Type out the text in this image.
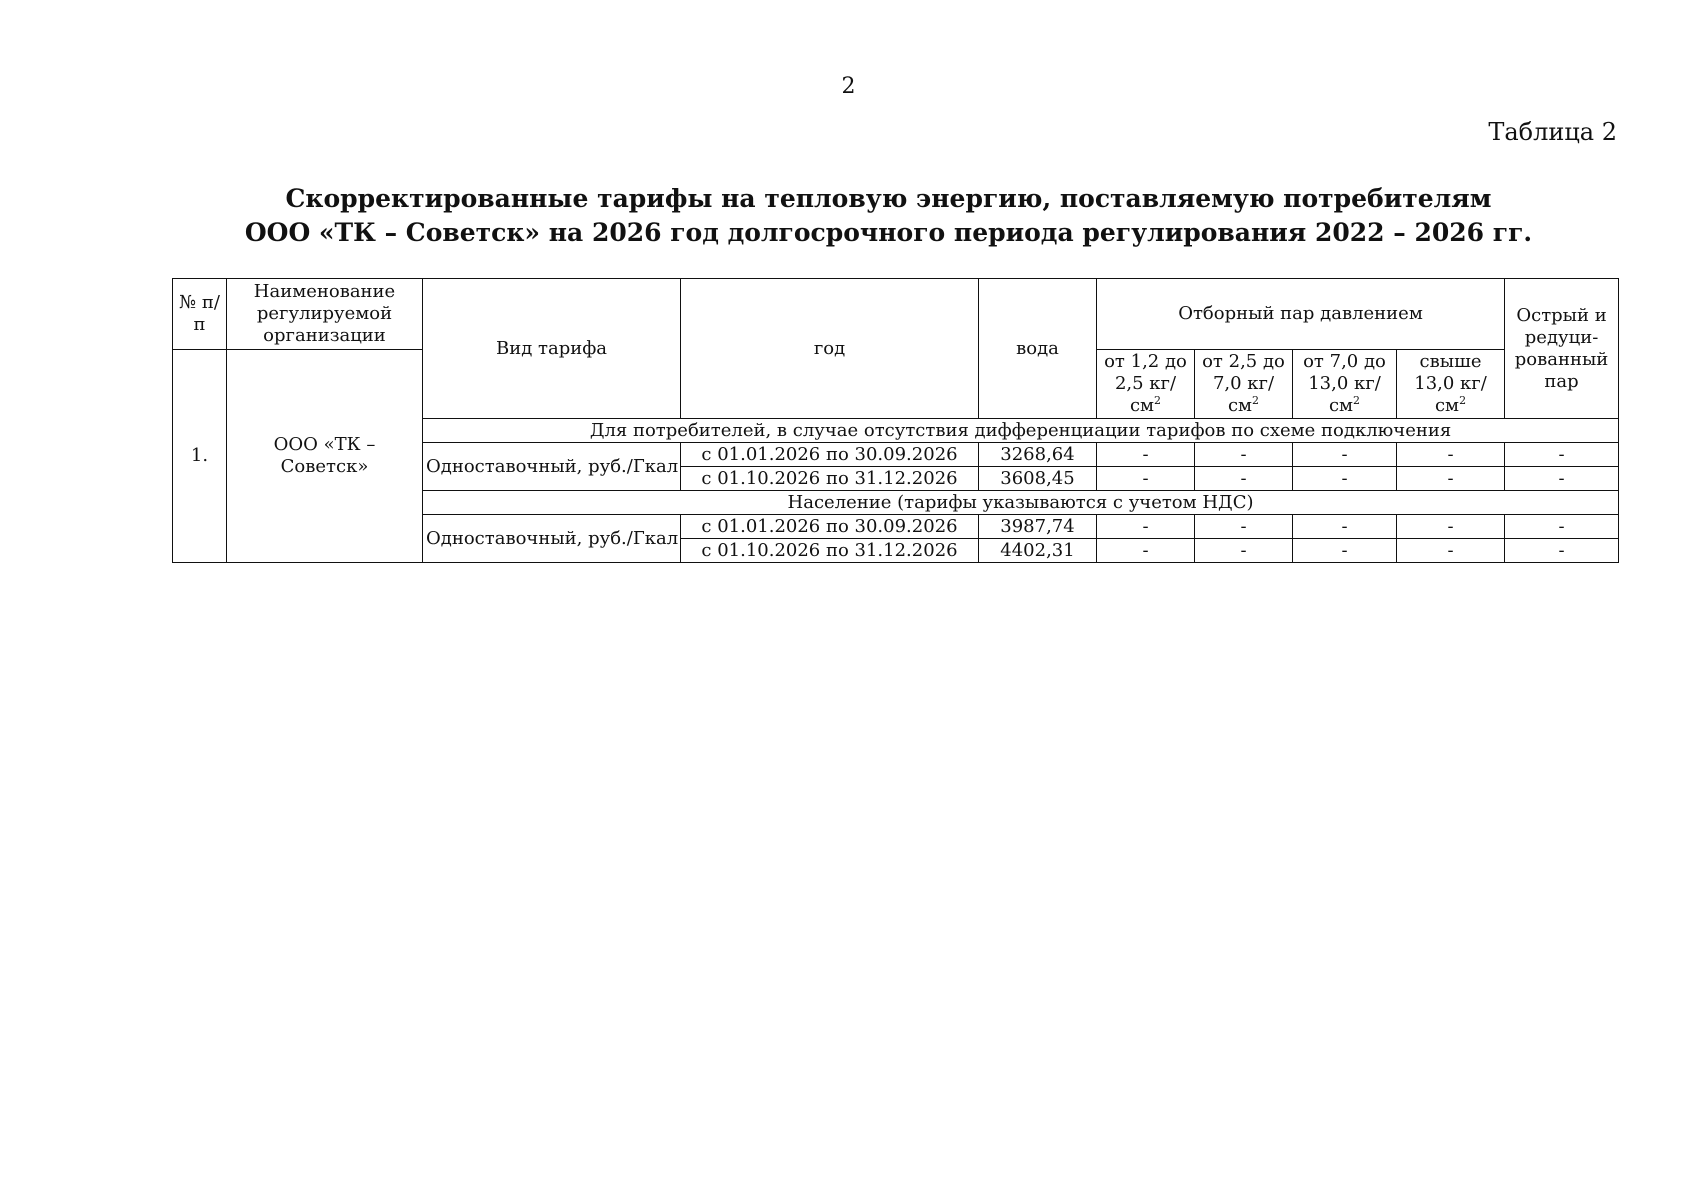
2
Таблица 2
Скорректированные тарифы на тепловую энергию, поставляемую потребителям
ООО «ТК – Советск» на 2026 год долгосрочного периода регулирования 2022 – 2026 гг.
№ п/п	Наименование регулируемой организации	Вид тарифа	год	вода	Отборный пар давлением				Острый и редуци-рованный пар
1.	ООО «ТК – Советск»				от 1,2 до 2,5 $кг/см^2$	от 2,5 до 7,0 $кг/см^2$	от 7,0 до 13,0 $кг/см^2$	свыше 13,0 $кг/см^2$
		Для потребителей, в случае отсутствия дифференциации тарифов по схеме подключения							
		Одноставочный, руб./Гкал	с 01.01.2026 по 30.09.2026	3268,64	-	-	-	-	-
			с 01.10.2026 по 31.12.2026	3608,45	-	-	-	-	-
		Население (тарифы указываются с учетом НДС)							
		Одноставочный, руб./Гкал	с 01.01.2026 по 30.09.2026	3987,74	-	-	-	-	-
			с 01.10.2026 по 31.12.2026	4402,31	-	-	-	-	-
